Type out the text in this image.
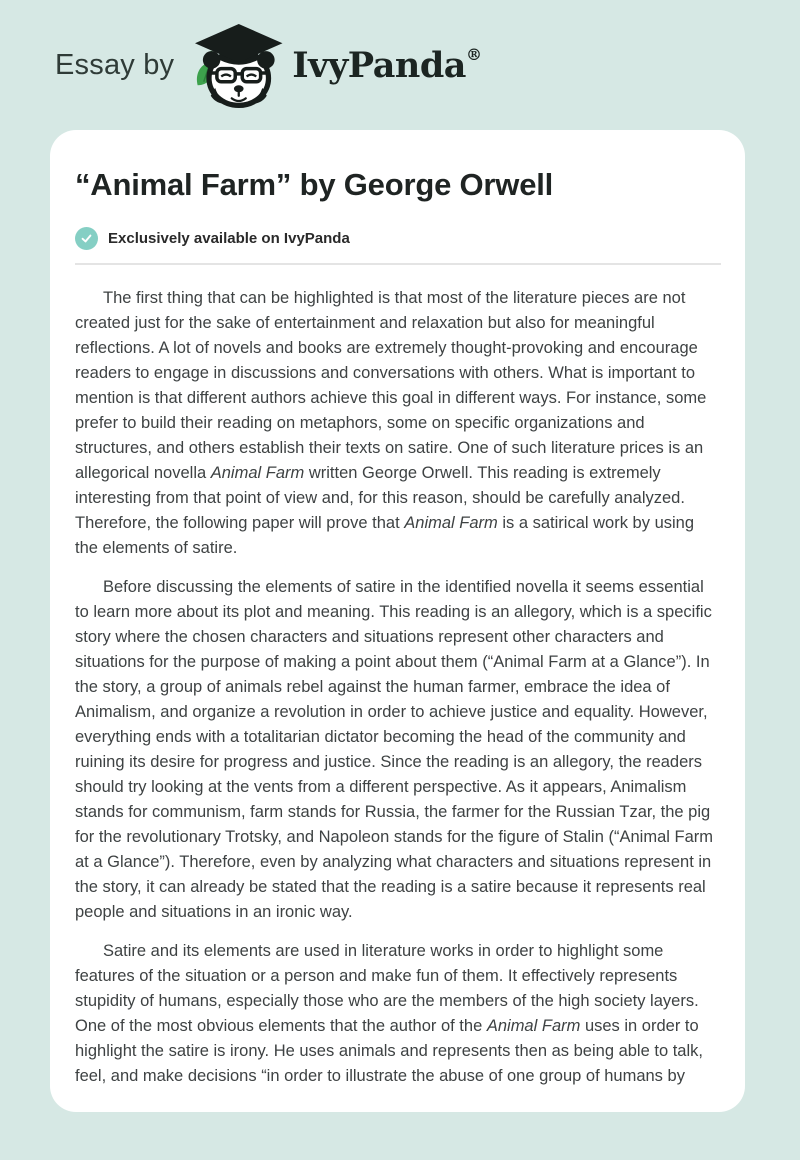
Essay by	IvyPanda ®
“Animal Farm” by George Orwell
Exclusively available on IvyPanda

The first thing that can be highlighted is that most of the literature pieces are not created just for the sake of entertainment and relaxation but also for meaningful reflections. A lot of novels and books are extremely thought-provoking and encourage readers to engage in discussions and conversations with others. What is important to mention is that different authors achieve this goal in different ways. For instance, some prefer to build their reading on metaphors, some on specific organizations and structures, and others establish their texts on satire. One of such literature prices is an allegorical novella Animal Farm written George Orwell. This reading is extremely interesting from that point of view and, for this reason, should be carefully analyzed. Therefore, the following paper will prove that Animal Farm is a satirical work by using the elements of satire.

Before discussing the elements of satire in the identified novella it seems essential to learn more about its plot and meaning. This reading is an allegory, which is a specific story where the chosen characters and situations represent other characters and situations for the purpose of making a point about them (“Animal Farm at a Glance”). In the story, a group of animals rebel against the human farmer, embrace the idea of Animalism, and organize a revolution in order to achieve justice and equality. However, everything ends with a totalitarian dictator becoming the head of the community and ruining its desire for progress and justice. Since the reading is an allegory, the readers should try looking at the vents from a different perspective. As it appears, Animalism stands for communism, farm stands for Russia, the farmer for the Russian Tzar, the pig for the revolutionary Trotsky, and Napoleon stands for the figure of Stalin (“Animal Farm at a Glance”). Therefore, even by analyzing what characters and situations represent in the story, it can already be stated that the reading is a satire because it represents real people and situations in an ironic way.

Satire and its elements are used in literature works in order to highlight some features of the situation or a person and make fun of them. It effectively represents stupidity of humans, especially those who are the members of the high society layers. One of the most obvious elements that the author of the Animal Farm uses in order to highlight the satire is irony. He uses animals and represents then as being able to talk, feel, and make decisions “in order to illustrate the abuse of one group of humans by
